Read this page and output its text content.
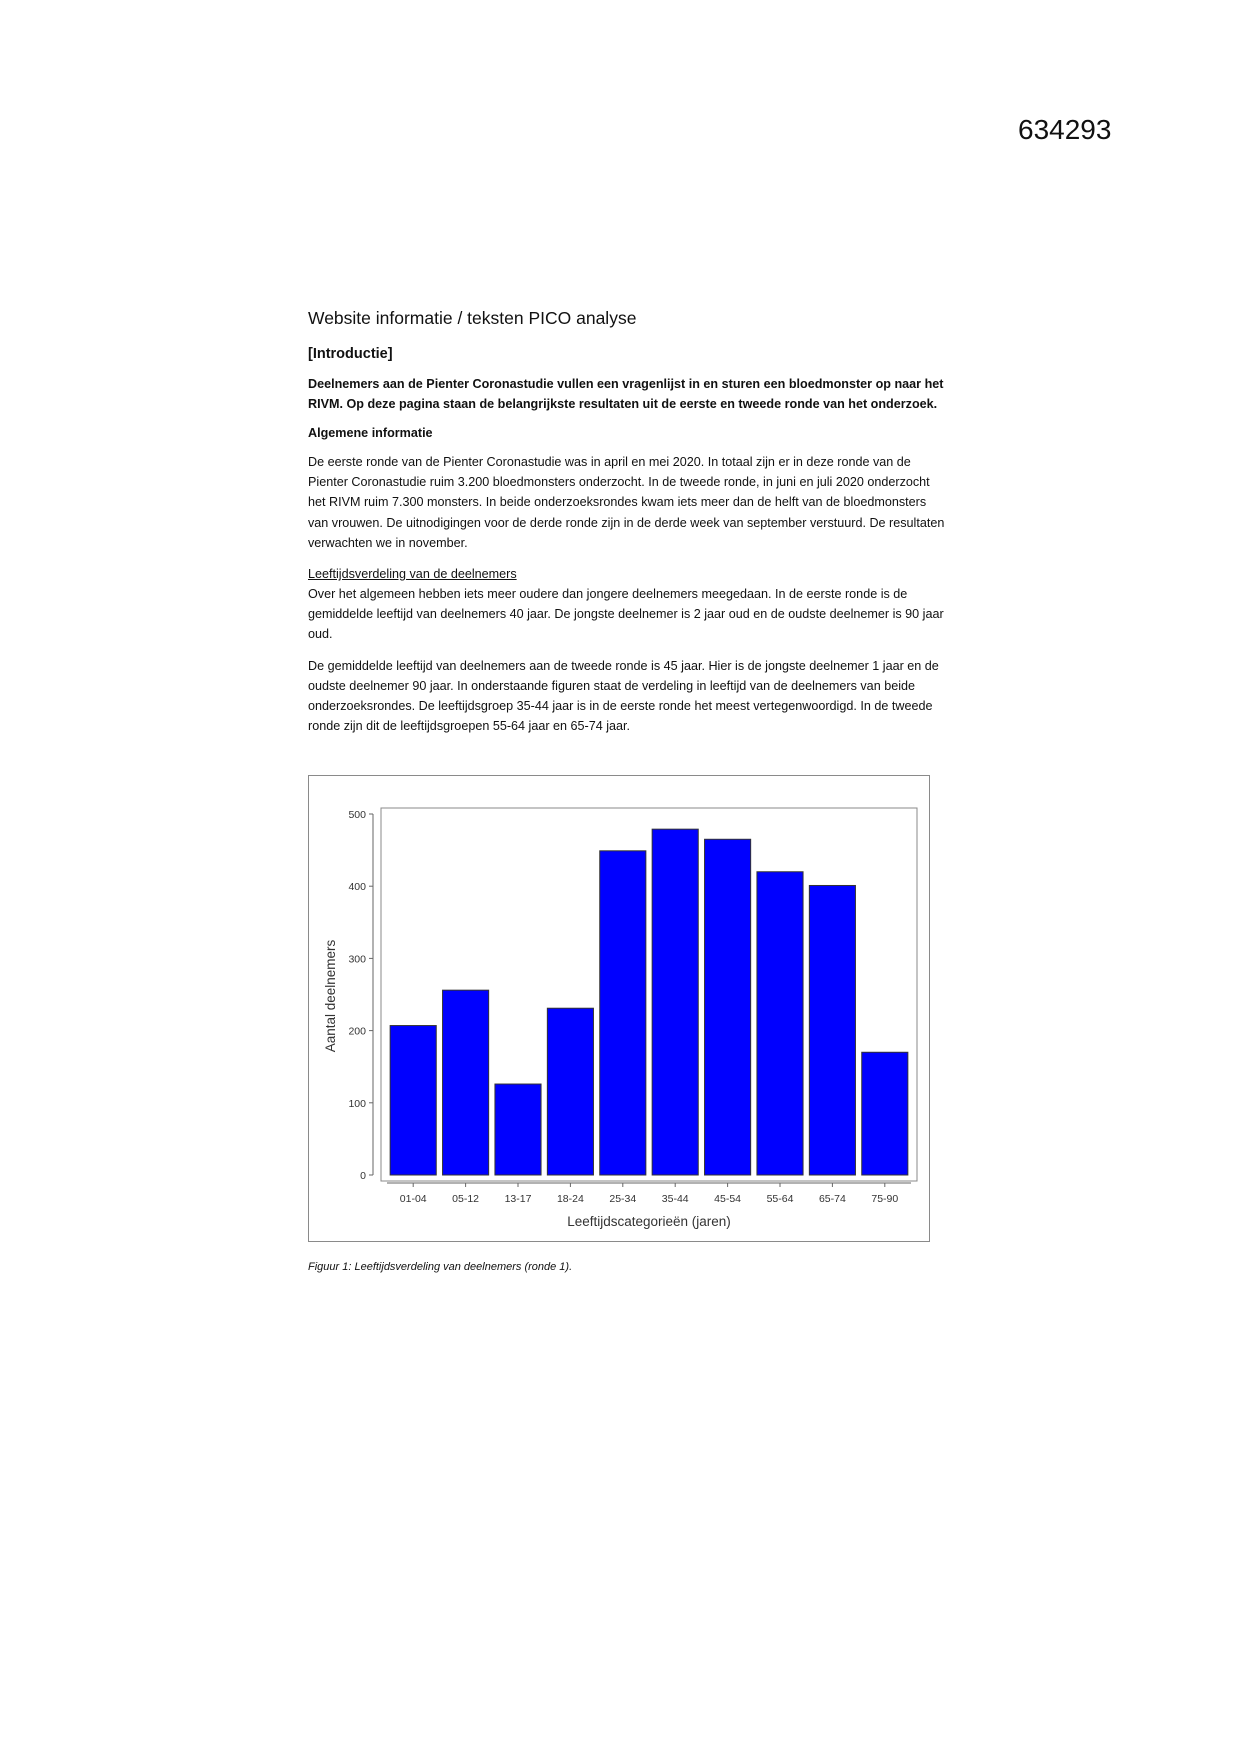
634293
Website informatie / teksten PICO analyse
[Introductie]
Deelnemers aan de Pienter Coronastudie vullen een vragenlijst in en sturen een bloedmonster op naar het RIVM. Op deze pagina staan de belangrijkste resultaten uit de eerste en tweede ronde van het onderzoek.
Algemene informatie
De eerste ronde van de Pienter Coronastudie was in april en mei 2020. In totaal zijn er in deze ronde van de Pienter Coronastudie ruim 3.200 bloedmonsters onderzocht. In de tweede ronde, in juni en juli 2020 onderzocht het RIVM ruim 7.300 monsters. In beide onderzoeksrondes kwam iets meer dan de helft van de bloedmonsters van vrouwen. De uitnodigingen voor de derde ronde zijn in de derde week van september verstuurd. De resultaten verwachten we in november.
Leeftijdsverdeling van de deelnemers
Over het algemeen hebben iets meer oudere dan jongere deelnemers meegedaan. In de eerste ronde is de gemiddelde leeftijd van deelnemers 40 jaar. De jongste deelnemer is 2 jaar oud en de oudste deelnemer is 90 jaar oud.
De gemiddelde leeftijd van deelnemers aan de tweede ronde is 45 jaar. Hier is de jongste deelnemer 1 jaar en de oudste deelnemer 90 jaar. In onderstaande figuren staat de verdeling in leeftijd van de deelnemers van beide onderzoeksrondes. De leeftijdsgroep 35-44 jaar is in de eerste ronde het meest vertegenwoordigd. In de tweede ronde zijn dit de leeftijdsgroepen 55-64 jaar en 65-74 jaar.
0
100
200
300
400
500
01-04 05-12 13-17 18-24 25-34 35-44 45-54 55-64 65-74 75-90
Leeftijdscategorieën (jaren)
Aantal deelnemers
Figuur 1: Leeftijdsverdeling van deelnemers (ronde 1).
